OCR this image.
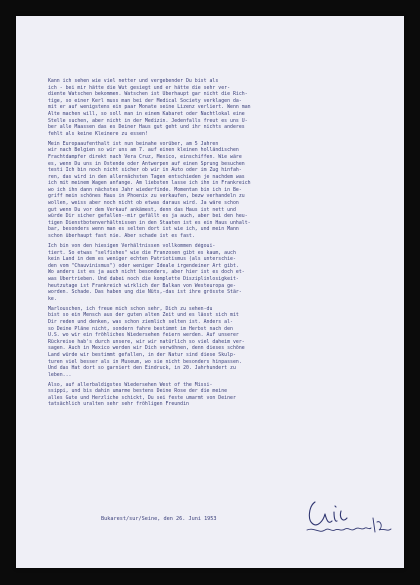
Kann ich sehen wie viel netter und vergebender Du bist als
ich - bei mir hätte die Wut gesiegt und er hätte die sehr ver-
diente Watschen bekommen. Watschen ist Überhaupt gar nicht die Rich-
tige, so einer Kerl muss man bei der Medical Society verklagen da-
mit er auf wenigstens ein paar Monate seine Lizenz verliert. Wenn man
Alte machen will, so soll man in einem Kabaret oder Nachtlokal eine
Stelle suchen, aber nicht in der Medizin. Jedenfalls freut es uns Ü-
ber alle Maassen das es Deiner Haus gut geht und ihr nichts anderes
fehlt als keine Kleinere zu essen!
Mein Europaaufenthalt ist nun beinahe vorüber, am 5 Jahren
wir nach Belgien so wir uns am 7. auf einen kleinen holländischen
Frachtdampfer direkt nach Vera Cruz, Mexico, einschiffen. Wie wäre
es, wenn Du uns in Ostende oder Antwerpen auf einen Sprung besuchen
testi Ich bin noch nicht sicher ob wir in Auto oder im Zug hinfah-
ren, das wird in den allernächsten Tagen entschieden je nachdem was
ich mit meinem Wagen anfange. Am liebsten lasse ich ihn in Frankreich
wo ich ihn dann nächstes Jahr wiederfinde. Momentan bin ich in Be-
griff mein schönes Haus in Phoenix zu verkaufen, bezw verhandeln zu
wollen, weiss aber noch nicht ob etwas daraus wird. Ja wäre schon
gut wenn Du vor dem Verkauf ankämest, denn das Haus ist nett und
würde Dir sicher gefallen--mir gefällt es ja auch, aber bei den heu-
tigen Dienstbotenverhältnissen in den Staaten ist es ein Haus unhalt-
bar, besonders wenn man es selten dort ist wie ich, und mein Mann
schon überhaupt fast nie. Aber schade ist es fast.
Ich bin von den hiesigen Verhältnissen vollkommen dégoui-
tiert. So etwas "selfishes" wie die Franzosen gibt es kaum, auch
kein Land in dem es weniger echten Patriotismus (als unterschie-
den vom "Chauvinismus") oder weniger Ideale irgendeiner Art gibt.
Wo anders ist es ja auch nicht besonders, aber hier ist es doch et-
was Übertrieben. Und dabei noch die komplette Disziplinlosigkeit-
heutzutage ist Frankreich wirklich der Balkan von Westeuropa ge-
worden. Schade. Das haben ung die Nüts,-das ist ihre grösste Stär-
ke.
Marlouschen, ich freue mich schon sehr, Dich zu sehen-du
bist so ein Mensch aus der guten alten Zeit und es lässt sich mit
Dir reden und denken, was schon ziemlich selten ist. Anders al-
so Deine Pläne nicht, sondern fahre bestimmt im Herbst nach den
U.S. wo wir ein fröhliches Wiedersehen feiern werden. Auf unserer
Rückreise hab's durch unsere, wir wir natürlich so viel daheim ver-
sagen. Auch in Mexico werden wir Dich verwöhnen, denn dieses schöne
Land würde wir bestimmt gefallen, in der Natur sind diese Skulp-
turen viel besser als in Museum, wo sie nicht besonders hinpassen.
Und das Hat dort so garniert den Eindruck, in 20. Jahrhundert zu
leben...
Also, auf allerbaldigstes Wiedersehen West of the Missi-
ssippi, und bis dahin umarme bestens Deine Rose der die meine
alles Gute und Herzliche schickt, Du sei feste umarmt von Deiner
tatsächlich uralten sehr sehr fröhligen Freundin
Bukarest/sur/Seine, den 26. Juni 1953
